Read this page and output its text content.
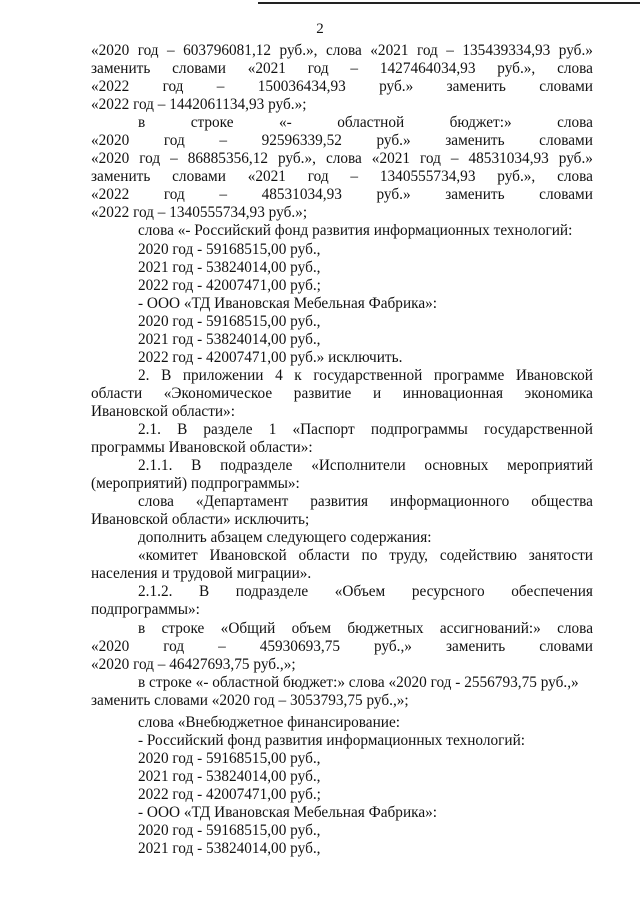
2
«2020 год – 603796081,12 руб.», слова «2021 год – 135439334,93 руб.»
заменить словами «2021 год – 1427464034,93 руб.», слова
«2022 год – 150036434,93 руб.» заменить словами
«2022 год – 1442061134,93 руб.»;
в	строке	«-	областной	бюджет:»	слова
«2020 год – 92596339,52 руб.» заменить словами
«2020 год – 86885356,12 руб.», слова «2021 год – 48531034,93 руб.»
заменить словами «2021 год – 1340555734,93 руб.», слова
«2022 год – 48531034,93 руб.» заменить словами
«2022 год – 1340555734,93 руб.»;
слова «- Российский фонд развития информационных технологий:
2020 год - 59168515,00 руб.,
2021 год - 53824014,00 руб.,
2022 год - 42007471,00 руб.;
- ООО «ТД Ивановская Мебельная Фабрика»:
2020 год - 59168515,00 руб.,
2021 год - 53824014,00 руб.,
2022 год - 42007471,00 руб.» исключить.
2. В приложении 4 к государственной программе Ивановской
области «Экономическое развитие и инновационная экономика
Ивановской области»:
2.1. В разделе 1 «Паспорт подпрограммы государственной
программы Ивановской области»:
2.1.1. В подразделе «Исполнители основных мероприятий
(мероприятий) подпрограммы»:
слова «Департамент развития информационного общества
Ивановской области» исключить;
дополнить абзацем следующего содержания:
«комитет Ивановской области по труду, содействию занятости
населения и трудовой миграции».
2.1.2. В подразделе «Объем ресурсного обеспечения
подпрограммы»:
в строке «Общий объем бюджетных ассигнований:» слова
«2020 год – 45930693,75 руб.,» заменить словами
«2020 год – 46427693,75 руб.,»;
в строке «- областной бюджет:» слова «2020 год - 2556793,75 руб.,»
заменить словами «2020 год – 3053793,75 руб.,»;
слова «Внебюджетное финансирование:
- Российский фонд развития информационных технологий:
2020 год - 59168515,00 руб.,
2021 год - 53824014,00 руб.,
2022 год - 42007471,00 руб.;
- ООО «ТД Ивановская Мебельная Фабрика»:
2020 год - 59168515,00 руб.,
2021 год - 53824014,00 руб.,
